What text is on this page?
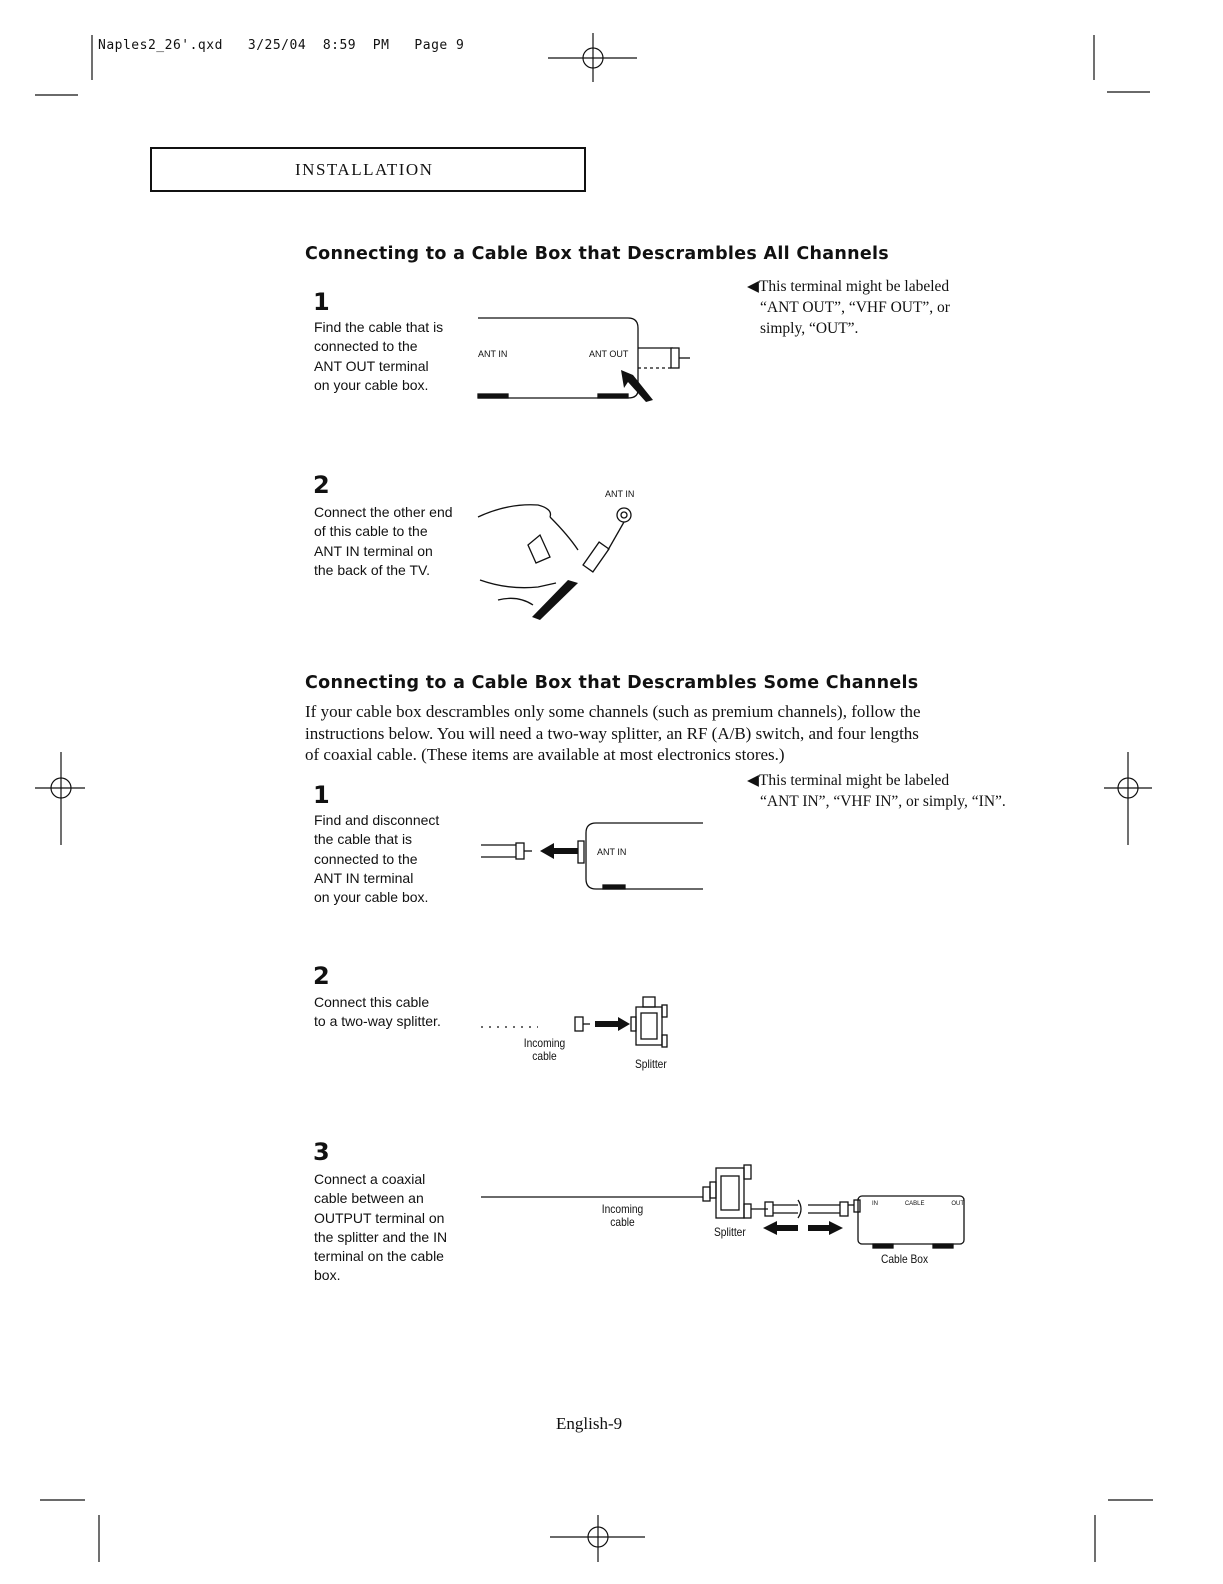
Naples2_26'.qxd   3/25/04  8:59  PM   Page 9
INSTALLATION
Connecting to a Cable Box that Descrambles All Channels
◀This terminal might be labeled
“ANT OUT”, “VHF OUT”, or
simply, “OUT”.
1
Find the cable that is
connected to the
ANT OUT terminal
on your cable box.
ANT IN	ANT OUT
2
Connect the other end
of this cable to the
ANT IN terminal on
the back of the TV.
ANT IN
Connecting to a Cable Box that Descrambles Some Channels
If your cable box descrambles only some channels (such as premium channels), follow the
instructions below. You will need a two-way splitter, an RF (A/B) switch, and four lengths
of coaxial cable. (These items are available at most electronics stores.)
◀This terminal might be labeled
“ANT IN”, “VHF IN”, or simply, “IN”.
1
Find and disconnect
the cable that is
connected to the
ANT IN terminal
on your cable box.
ANT IN
2
Connect this cable
to a two-way splitter.
Incoming
cable
Splitter
3
Connect a coaxial
cable between an
OUTPUT terminal on
the splitter and the IN
terminal on the cable
box.
Incoming
cable
Splitter
Cable Box
IN	CABLE	OUT
English-9
